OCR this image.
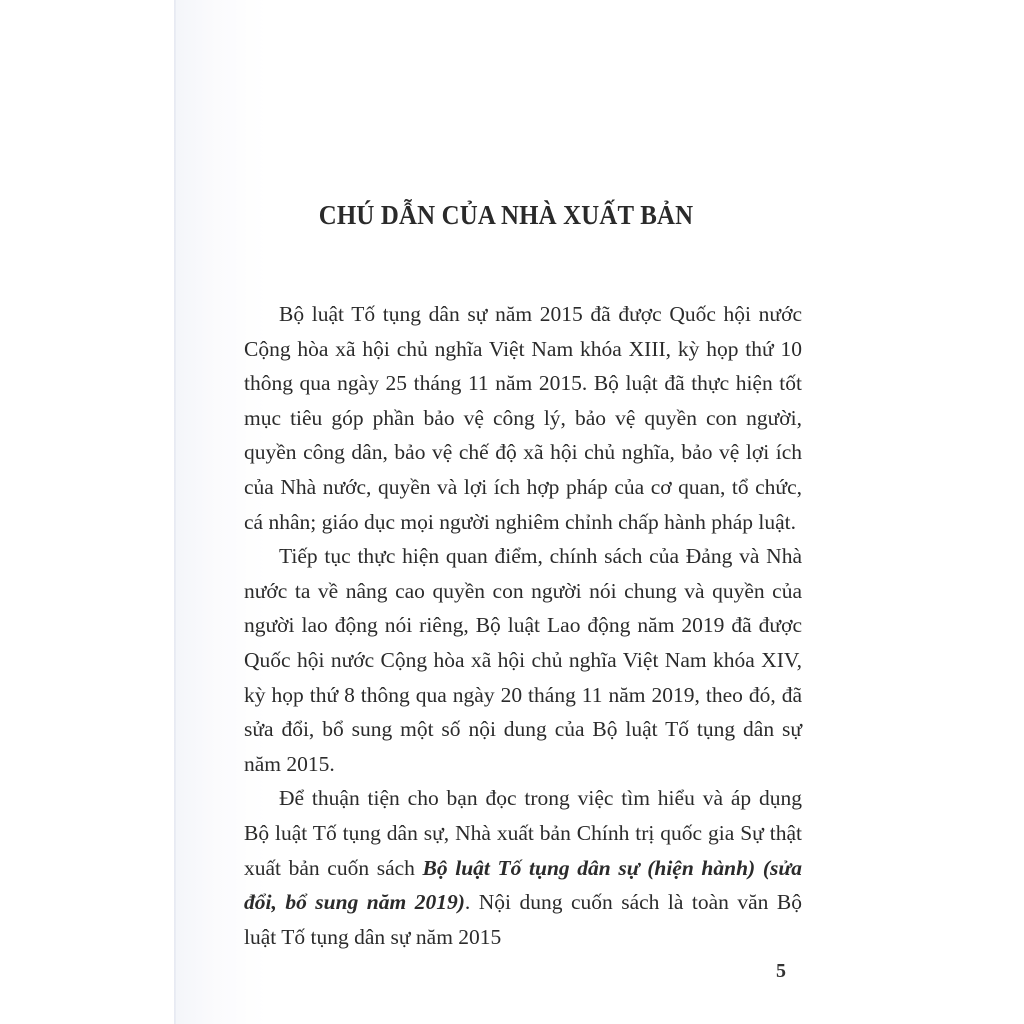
CHÚ DẪN CỦA NHÀ XUẤT BẢN

Bộ luật Tố tụng dân sự năm 2015 đã được Quốc hội nước Cộng hòa xã hội chủ nghĩa Việt Nam khóa XIII, kỳ họp thứ 10 thông qua ngày 25 tháng 11 năm 2015. Bộ luật đã thực hiện tốt mục tiêu góp phần bảo vệ công lý, bảo vệ quyền con người, quyền công dân, bảo vệ chế độ xã hội chủ nghĩa, bảo vệ lợi ích của Nhà nước, quyền và lợi ích hợp pháp của cơ quan, tổ chức, cá nhân; giáo dục mọi người nghiêm chỉnh chấp hành pháp luật.

Tiếp tục thực hiện quan điểm, chính sách của Đảng và Nhà nước ta về nâng cao quyền con người nói chung và quyền của người lao động nói riêng, Bộ luật Lao động năm 2019 đã được Quốc hội nước Cộng hòa xã hội chủ nghĩa Việt Nam khóa XIV, kỳ họp thứ 8 thông qua ngày 20 tháng 11 năm 2019, theo đó, đã sửa đổi, bổ sung một số nội dung của Bộ luật Tố tụng dân sự năm 2015.

Để thuận tiện cho bạn đọc trong việc tìm hiểu và áp dụng Bộ luật Tố tụng dân sự, Nhà xuất bản Chính trị quốc gia Sự thật xuất bản cuốn sách Bộ luật Tố tụng dân sự (hiện hành) (sửa đổi, bổ sung năm 2019). Nội dung cuốn sách là toàn văn Bộ luật Tố tụng dân sự năm 2015

5
